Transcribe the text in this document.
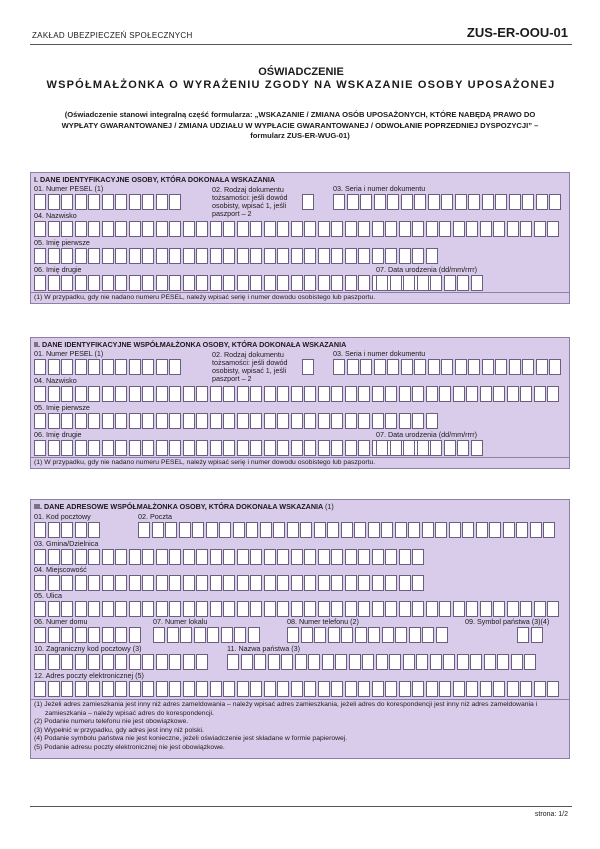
ZAKŁAD UBEZPIECZEŃ SPOŁECZNYCH	ZUS-ER-OOU-01
OŚWIADCZENIE
WSPÓŁMAŁŻONKA O WYRAŻENIU ZGODY NA WSKAZANIE OSOBY UPOSAŻONEJ
(Oświadczenie stanowi integralną część formularza: „WSKAZANIE / ZMIANA OSÓB UPOSAŻONYCH, KTÓRE NABĘDĄ PRAWO DO WYPŁATY GWARANTOWANEJ / ZMIANA UDZIAŁU W WYPŁACIE GWARANTOWANEJ / ODWOŁANIE POPRZEDNIEJ DYSPOZYCJI” – formularz ZUS-ER-WUG-01)
I. DANE IDENTYFIKACYJNE OSOBY, KTÓRA DOKONAŁA WSKAZANIA
01. Numer PESEL (1)	02. Rodzaj dokumentu tożsamości: jeśli dowód osobisty, wpisać 1, jeśli paszport – 2
03. Seria i numer dokumentu
04. Nazwisko
05. Imię pierwsze
06. Imię drugie	07. Data urodzenia (dd/mm/rrrr)
(1) W przypadku, gdy nie nadano numeru PESEL, należy wpisać serię i numer dowodu osobistego lub paszportu.
II. DANE IDENTYFIKACYJNE WSPÓŁMAŁŻONKA OSOBY, KTÓRA DOKONAŁA WSKAZANIA
01. Numer PESEL (1)	02. Rodzaj dokumentu tożsamości: jeśli dowód osobisty, wpisać 1, jeśli paszport – 2
03. Seria i numer dokumentu
04. Nazwisko
05. Imię pierwsze
06. Imię drugie	07. Data urodzenia (dd/mm/rrrr)
(1) W przypadku, gdy nie nadano numeru PESEL, należy wpisać serię i numer dowodu osobistego lub paszportu.
III. DANE ADRESOWE WSPÓŁMAŁŻONKA OSOBY, KTÓRA DOKONAŁA WSKAZANIA (1)
01. Kod pocztowy	02. Poczta
03. Gmina/Dzielnica
04. Miejscowość
05. Ulica
06. Numer domu	07. Numer lokalu	08. Numer telefonu (2)	09. Symbol państwa (3)(4)
10. Zagraniczny kod pocztowy (3)	11. Nazwa państwa (3)
12. Adres poczty elektronicznej (5)
(1) Jeżeli adres zamieszkania jest inny niż adres zameldowania – należy wpisać adres zamieszkania, jeżeli adres do korespondencji jest inny niż adres zameldowania i zamieszkania – należy wpisać adres do korespondencji.
(2) Podanie numeru telefonu nie jest obowiązkowe.
(3) Wypełnić w przypadku, gdy adres jest inny niż polski.
(4) Podanie symbolu państwa nie jest konieczne, jeżeli oświadczenie jest składane w formie papierowej.
(5) Podanie adresu poczty elektronicznej nie jest obowiązkowe.
strona: 1/2
